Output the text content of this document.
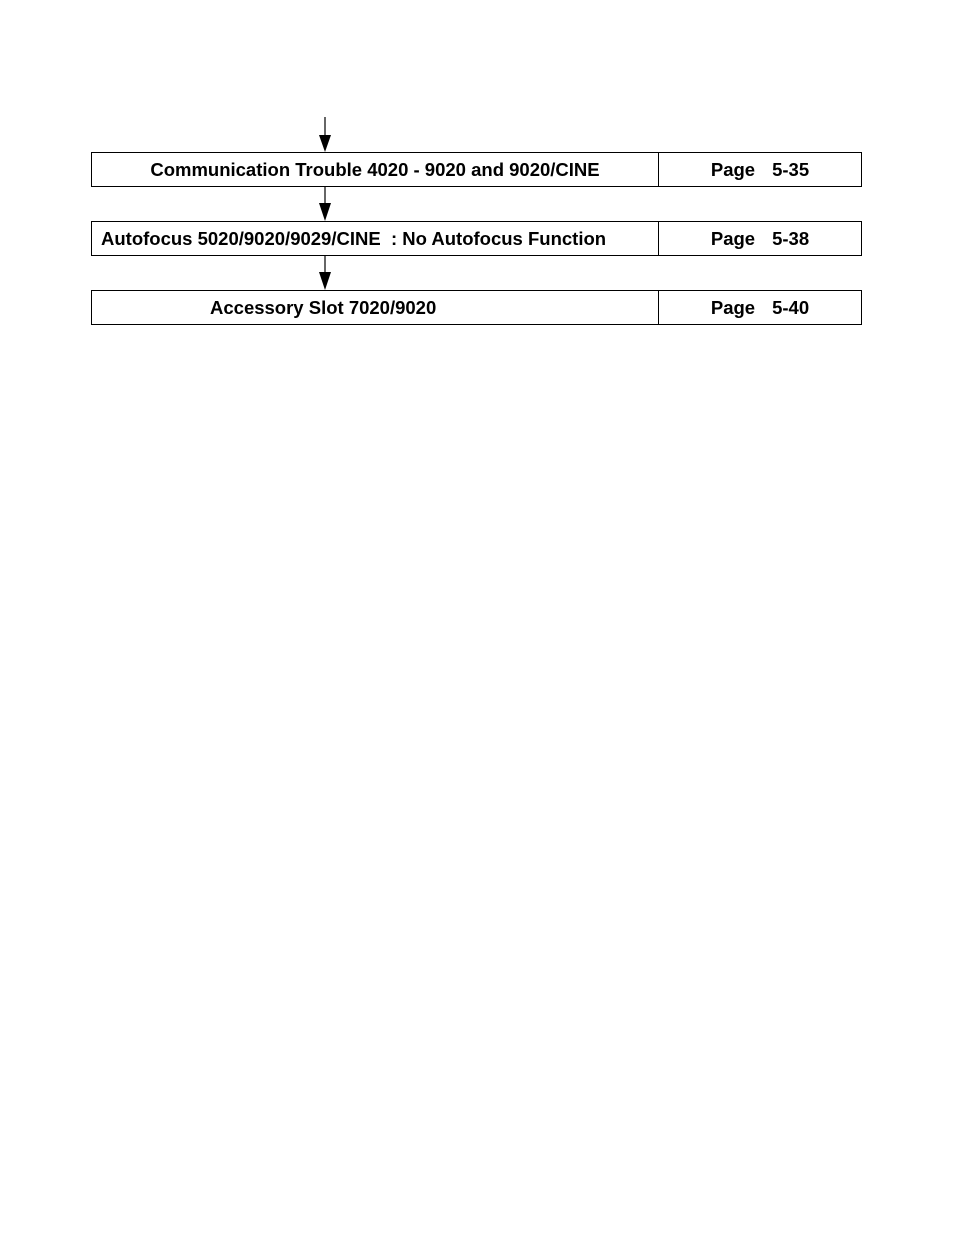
Communication Trouble 4020 - 9020 and 9020/CINE	Page 5-35
Autofocus 5020/9020/9029/CINE  : No Autofocus Function	Page 5-38
Accessory Slot 7020/9020	Page 5-40
